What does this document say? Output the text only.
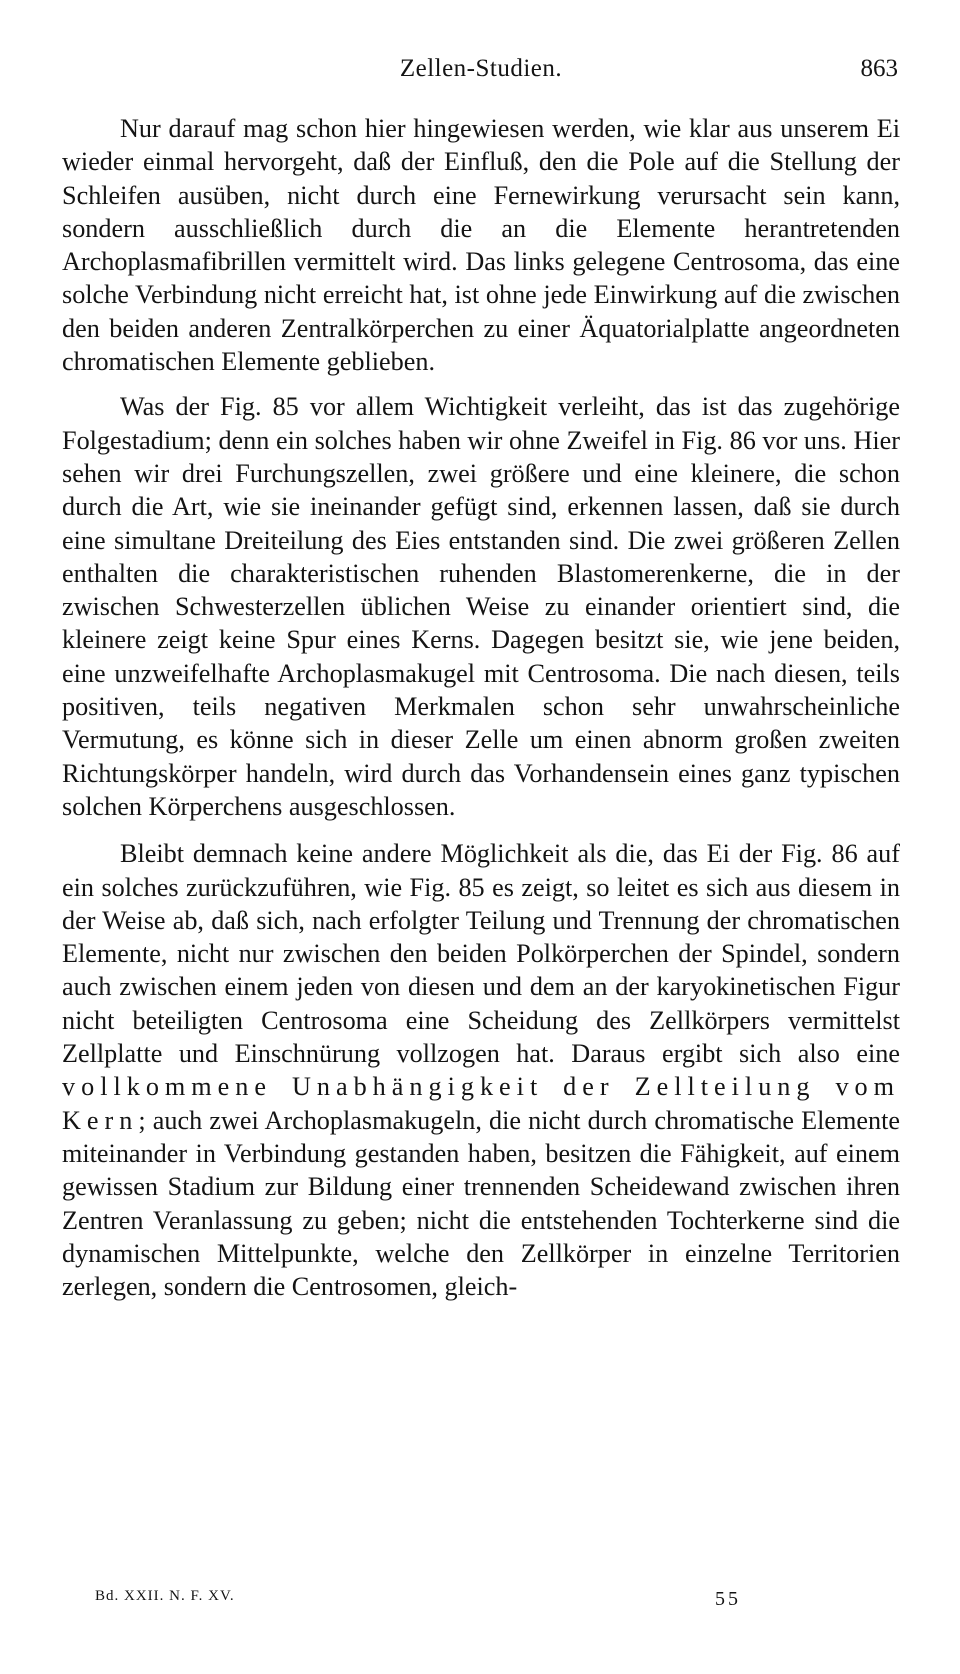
Zellen-Studien.	863

Nur darauf mag schon hier hingewiesen werden, wie klar aus unserem Ei wieder einmal hervorgeht, daß der Einfluß, den die Pole auf die Stellung der Schleifen ausüben, nicht durch eine Fernewirkung verursacht sein kann, sondern ausschließlich durch die an die Elemente herantretenden Archoplasmafibrillen vermittelt wird. Das links gelegene Centrosoma, das eine solche Verbindung nicht erreicht hat, ist ohne jede Einwirkung auf die zwischen den beiden anderen Zentralkörperchen zu einer Äquatorialplatte angeordneten chromatischen Elemente geblieben.

Was der Fig. 85 vor allem Wichtigkeit verleiht, das ist das zugehörige Folgestadium; denn ein solches haben wir ohne Zweifel in Fig. 86 vor uns. Hier sehen wir drei Furchungszellen, zwei größere und eine kleinere, die schon durch die Art, wie sie ineinander gefügt sind, erkennen lassen, daß sie durch eine simultane Dreiteilung des Eies entstanden sind. Die zwei größeren Zellen enthalten die charakteristischen ruhenden Blastomerenkerne, die in der zwischen Schwesterzellen üblichen Weise zu einander orientiert sind, die kleinere zeigt keine Spur eines Kerns. Dagegen besitzt sie, wie jene beiden, eine unzweifelhafte Archoplasmakugel mit Centrosoma. Die nach diesen, teils positiven, teils negativen Merkmalen schon sehr unwahrscheinliche Vermutung, es könne sich in dieser Zelle um einen abnorm großen zweiten Richtungskörper handeln, wird durch das Vorhandensein eines ganz typischen solchen Körperchens ausgeschlossen.

Bleibt demnach keine andere Möglichkeit als die, das Ei der Fig. 86 auf ein solches zurückzuführen, wie Fig. 85 es zeigt, so leitet es sich aus diesem in der Weise ab, daß sich, nach erfolgter Teilung und Trennung der chromatischen Elemente, nicht nur zwischen den beiden Polkörperchen der Spindel, sondern auch zwischen einem jeden von diesen und dem an der karyokinetischen Figur nicht beteiligten Centrosoma eine Scheidung des Zellkörpers vermittelst Zellplatte und Einschnürung vollzogen hat. Daraus ergibt sich also eine vollkommene Unabhängigkeit der Zellteilung vom Kern; auch zwei Archoplasmakugeln, die nicht durch chromatische Elemente miteinander in Verbindung gestanden haben, besitzen die Fähigkeit, auf einem gewissen Stadium zur Bildung einer trennenden Scheidewand zwischen ihren Zentren Veranlassung zu geben; nicht die entstehenden Tochterkerne sind die dynamischen Mittelpunkte, welche den Zellkörper in einzelne Territorien zerlegen, sondern die Centrosomen, gleich-

Bd. XXII. N. F. XV.	55
